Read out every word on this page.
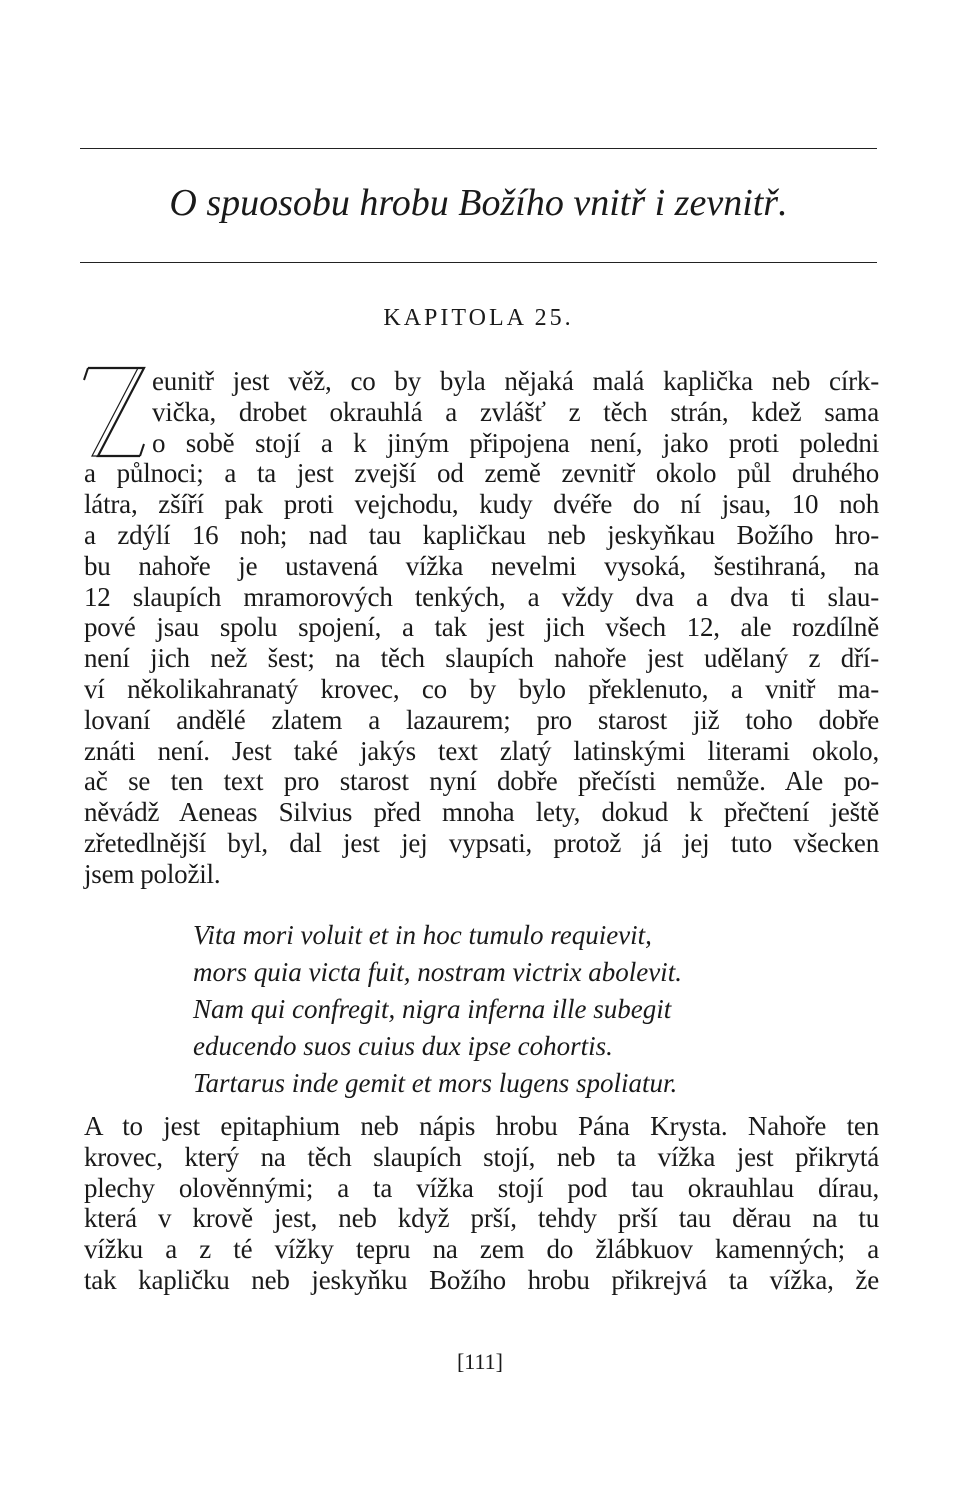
O spuosobu hrobu Božího vnitř i zevnitř.
KAPITOLA 25.
eunitř jest věž, co by byla nějaká malá kaplička neb círk-
vička, drobet okrauhlá a zvlášť z těch strán, kdež sama
o sobě stojí a k jiným připojena není, jako proti poledni
a půlnoci; a ta jest zvejší od země zevnitř okolo půl druhého
látra, zšíří pak proti vejchodu, kudy dvéře do ní jsau, 10 noh
a zdýlí 16 noh; nad tau kapličkau neb jeskyňkau Božího hro-
bu nahoře je ustavená vížka nevelmi vysoká, šestihraná, na
12 slaupích mramorových tenkých, a vždy dva a dva ti slau-
pové jsau spolu spojení, a tak jest jich všech 12, ale rozdílně
není jich než šest; na těch slaupích nahoře jest udělaný z dří-
ví několikahranatý krovec, co by bylo překlenuto, a vnitř ma-
lovaní andělé zlatem a lazaurem; pro starost již toho dobře
znáti není. Jest také jakýs text zlatý latinskými literami okolo,
ač se ten text pro starost nyní dobře přečísti nemůže. Ale po-
něvádž Aeneas Silvius před mnoha lety, dokud k přečtení ještě
zřetedlnější byl, dal jest jej vypsati, protož já jej tuto všecken
jsem položil.
Vita mori voluit et in hoc tumulo requievit,
mors quia victa fuit, nostram victrix abolevit.
Nam qui confregit, nigra inferna ille subegit
educendo suos cuius dux ipse cohortis.
Tartarus inde gemit et mors lugens spoliatur.
A to jest epitaphium neb nápis hrobu Pána Krysta. Nahoře ten
krovec, který na těch slaupích stojí, neb ta vížka jest přikrytá
plechy olověnnými; a ta vížka stojí pod tau okrauhlau dírau,
která v krově jest, neb když prší, tehdy prší tau děrau na tu
vížku a z té vížky tepru na zem do žlábkuov kamenných; a
tak kapličku neb jeskyňku Božího hrobu přikrejvá ta vížka, že
[111]
